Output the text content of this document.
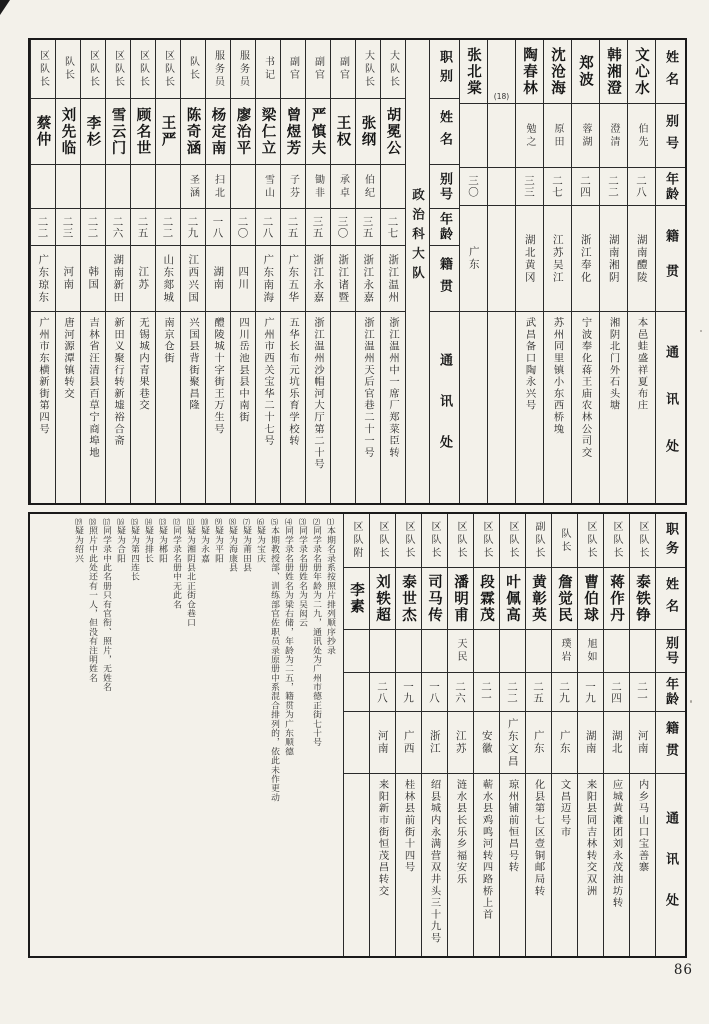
姓名
别号
年龄
籍贯
通讯处
文心水
伯先
二八
湖南醴陵
本邑蛙盛祥夏布庄
韩湘澄
澄清
二二
湖南湘阴
湘阴北门外石头塘
郑波
蓉湖
二四
浙江奉化
宁波奉化蒋王庙农林公司交
沈沧海
原田
二七
江苏吴江
苏州同里镇小东西桥堍
陶春林
勉之
三三
湖北黄冈
武昌备口陶永兴号
(18)
张北棠
三〇
广东
职别
姓名
别号
年龄
籍贯
通讯处
政治科大队
大队长
胡冕公
二七
浙江温州
浙江温州中一席厂郑菜臣转
大队长
张纲
伯纪
三五
浙江永嘉
浙江温州天后官巷二十一号
副官
王权
承卓
三〇
浙江诸暨
副官
严慎夫
锄非
三五
浙江永嘉
浙江温州沙帽河大厅第二十号
副官
曾煜芳
子芬
二五
广东五华
五华长布元坑乐育学校转
书记
梁仁立
雪山
二八
广东南海
广州市西关宝华二十七号
服务员
廖治平
二〇
四川
四川岳池县县中南街
服务员
杨定南
扫北
一八
湖南
醴陵城十字街王万生号
队长
陈奇涵
圣涵
二九
江西兴国
兴国县背街聚昌隆
区队长
王严
二二
山东郯城
南京仓街
区队长
顾名世
二五
江苏
无锡城内青果巷交
区队长
雪云门
二六
湖南新田
新田义聚行转新墟裕合斋
区队长
李杉
二二
韩国
吉林省汪清县百草宁商埠地
队长
刘先临
二三
河南
唐河源潭镇转交
区队长
蔡仲
二二
广东琼东
广州市东横新街第四号
职务
姓名
别号
年龄
籍贯
通讯处
区队长
泰铁铮
二一
河南
内乡马山口宝善寨
区队长
蒋作丹
二四
湖北
应城黄滩团刘永茂油坊转
区队长
曹伯球
旭如
一九
湖南
来阳县同吉林转交双洲
队长
詹觉民
璞岩
二九
广东
文昌迈号市
副队长
黄彰英
二五
广东
化县第七区壹铜邮局转
区队长
叶佩高
二二
广东文昌
琼州铺前恒昌号转
区队长
段霖茂
二一
安徽
蕲水县鸡鸣河转四路桥上首
区队长
潘明甫
天民
二六
江苏
涟水县长乐乡福安乐
区队长
司马传
一八
浙江
绍县城内永满营双井头三十九号
区队长
泰世杰
一九
广西
桂林县前街十四号
区队长
刘轶超
二八
河南
来阳新市街恒茂昌转交
区队附
李素
⑴本期名录系按照片排列顺序抄录
⑵同学录名册年龄为二九，通讯处为广州市德正街七十号
⑶同学录名册姓名为吴闳云
⑷同学录名册姓名为梁右储，年龄为二五，籍贯为广东顺德
⑸本期教授部、训练部官佐职员录原册中系混合排列的，依此未作更动
⑹疑为宝庆
⑺疑为莆田县
⑻疑为海康县
⑼疑为平阳
⑽疑为永嘉
⑾疑为湘阴县北正街仓巷口
⑿同学录名册中无此名
⒀疑为郴阳
⒁疑为排长
⒂疑为第四连长
⒃疑为合阳
⒄同学录中此名册只有官衔、照片，无姓名
⒅照片中此处还有一人，但没有注明姓名
⒆疑为绍兴
86
